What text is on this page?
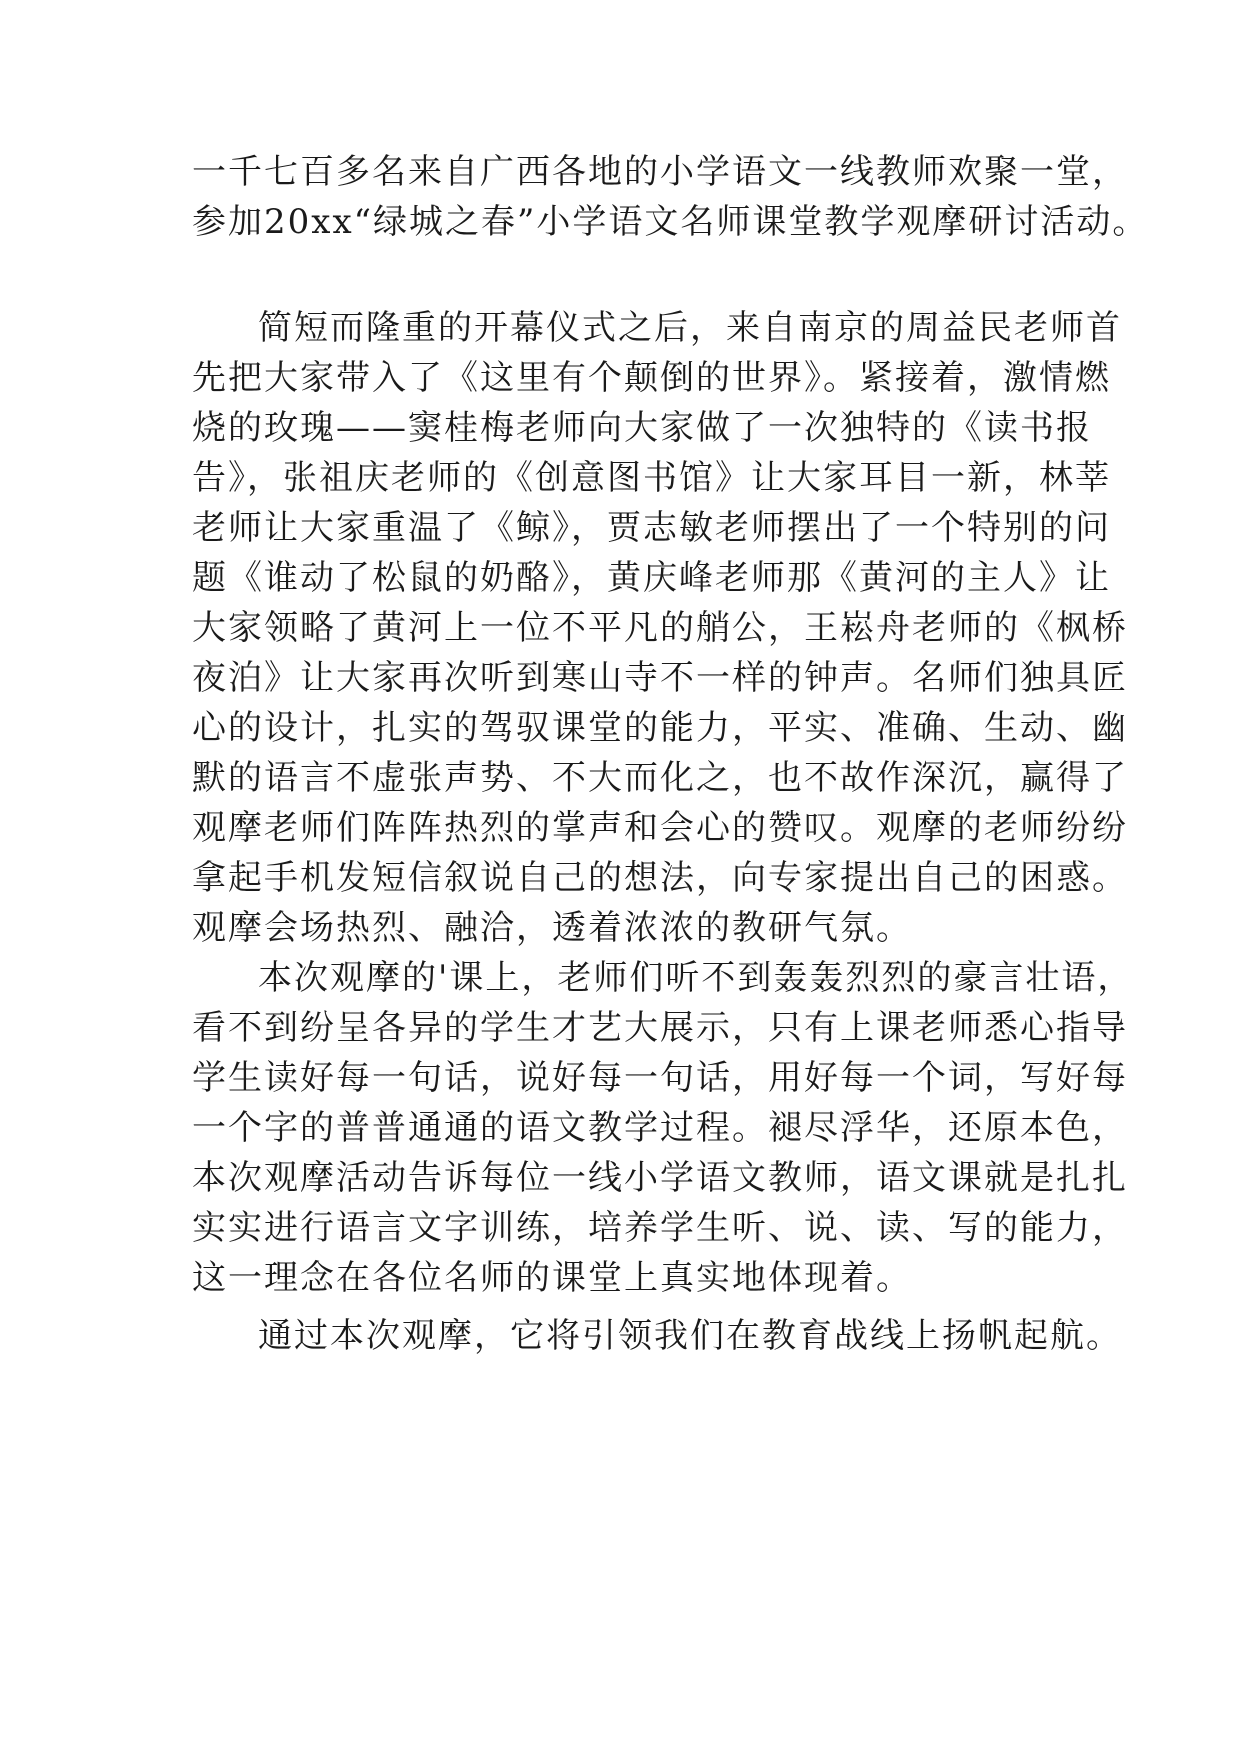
一千七百多名来自广西各地的小学语文一线教师欢聚一堂，
参加20xx“绿城之春”小学语文名师课堂教学观摩研讨活动。
简短而隆重的开幕仪式之后，来自南京的周益民老师首
先把大家带入了《这里有个颠倒的世界》。紧接着，激情燃
烧的玫瑰——窦桂梅老师向大家做了一次独特的《读书报
告》，张祖庆老师的《创意图书馆》让大家耳目一新，林莘
老师让大家重温了《鲸》，贾志敏老师摆出了一个特别的问
题《谁动了松鼠的奶酪》，黄庆峰老师那《黄河的主人》让
大家领略了黄河上一位不平凡的艄公，王崧舟老师的《枫桥
夜泊》让大家再次听到寒山寺不一样的钟声。名师们独具匠
心的设计，扎实的驾驭课堂的能力，平实、准确、生动、幽
默的语言不虚张声势、不大而化之，也不故作深沉，赢得了
观摩老师们阵阵热烈的掌声和会心的赞叹。观摩的老师纷纷
拿起手机发短信叙说自己的想法，向专家提出自己的困惑。
观摩会场热烈、融洽，透着浓浓的教研气氛。
本次观摩的'课上，老师们听不到轰轰烈烈的豪言壮语，
看不到纷呈各异的学生才艺大展示，只有上课老师悉心指导
学生读好每一句话，说好每一句话，用好每一个词，写好每
一个字的普普通通的语文教学过程。褪尽浮华，还原本色，
本次观摩活动告诉每位一线小学语文教师，语文课就是扎扎
实实进行语言文字训练，培养学生听、说、读、写的能力，
这一理念在各位名师的课堂上真实地体现着。
通过本次观摩，它将引领我们在教育战线上扬帆起航。
